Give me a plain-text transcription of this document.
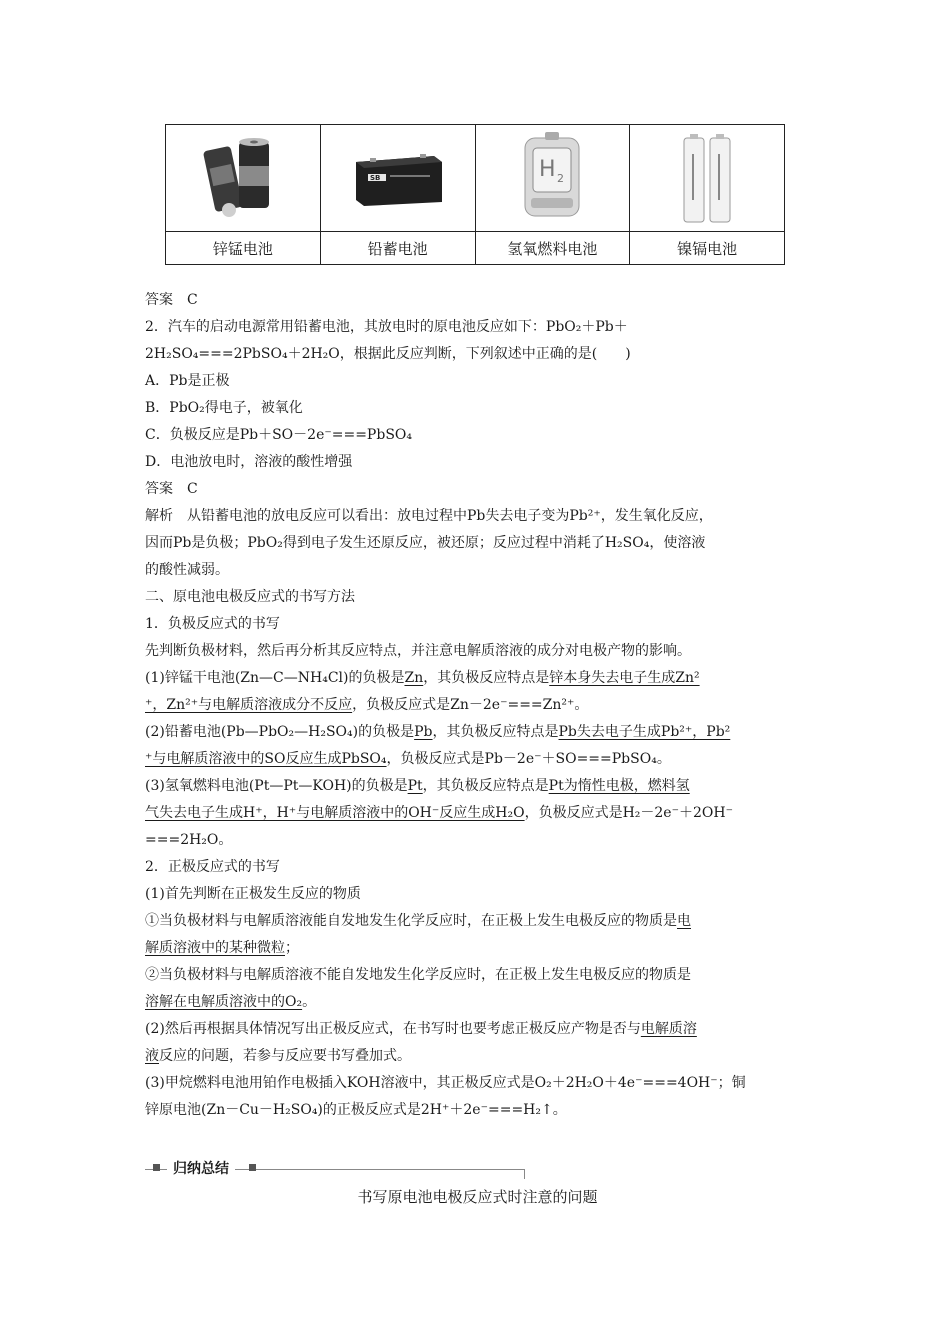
SB	H 2

锌锰电池	铅蓄电池	氢氧燃料电池	镍镉电池

答案　C

2．汽车的启动电源常用铅蓄电池，其放电时的原电池反应如下：PbO₂＋Pb＋

2H₂SO₄===2PbSO₄＋2H₂O，根据此反应判断，下列叙述中正确的是(　　)

A．Pb是正极

B．PbO₂得电子，被氧化

C．负极反应是Pb＋SO－2e⁻===PbSO₄

D．电池放电时，溶液的酸性增强

答案　C

解析　从铅蓄电池的放电反应可以看出：放电过程中Pb失去电子变为Pb²⁺，发生氧化反应，

因而Pb是负极；PbO₂得到电子发生还原反应，被还原；反应过程中消耗了H₂SO₄，使溶液

的酸性减弱。

二、原电池电极反应式的书写方法

1．负极反应式的书写

先判断负极材料，然后再分析其反应特点，并注意电解质溶液的成分对电极产物的影响。

(1)锌锰干电池(Zn—C—NH₄Cl)的负极是Zn，其负极反应特点是锌本身失去电子生成Zn²

⁺，Zn²⁺与电解质溶液成分不反应，负极反应式是Zn－2e⁻===Zn²⁺。

(2)铅蓄电池(Pb—PbO₂—H₂SO₄)的负极是Pb，其负极反应特点是Pb失去电子生成Pb²⁺，Pb²

⁺与电解质溶液中的SO反应生成PbSO₄，负极反应式是Pb－2e⁻＋SO===PbSO₄。

(3)氢氧燃料电池(Pt—Pt—KOH)的负极是Pt，其负极反应特点是Pt为惰性电极，燃料氢

气失去电子生成H⁺，H⁺与电解质溶液中的OH⁻反应生成H₂O，负极反应式是H₂－2e⁻＋2OH⁻

===2H₂O。

2．正极反应式的书写

(1)首先判断在正极发生反应的物质

①当负极材料与电解质溶液能自发地发生化学反应时，在正极上发生电极反应的物质是电

解质溶液中的某种微粒；

②当负极材料与电解质溶液不能自发地发生化学反应时，在正极上发生电极反应的物质是

溶解在电解质溶液中的O₂。

(2)然后再根据具体情况写出正极反应式，在书写时也要考虑正极反应产物是否与电解质溶

液反应的问题，若参与反应要书写叠加式。

(3)甲烷燃料电池用铂作电极插入KOH溶液中，其正极反应式是O₂＋2H₂O＋4e⁻===4OH⁻；铜

锌原电池(Zn－Cu－H₂SO₄)的正极反应式是2H⁺＋2e⁻===H₂↑。

归纳总结
书写原电池电极反应式时注意的问题
